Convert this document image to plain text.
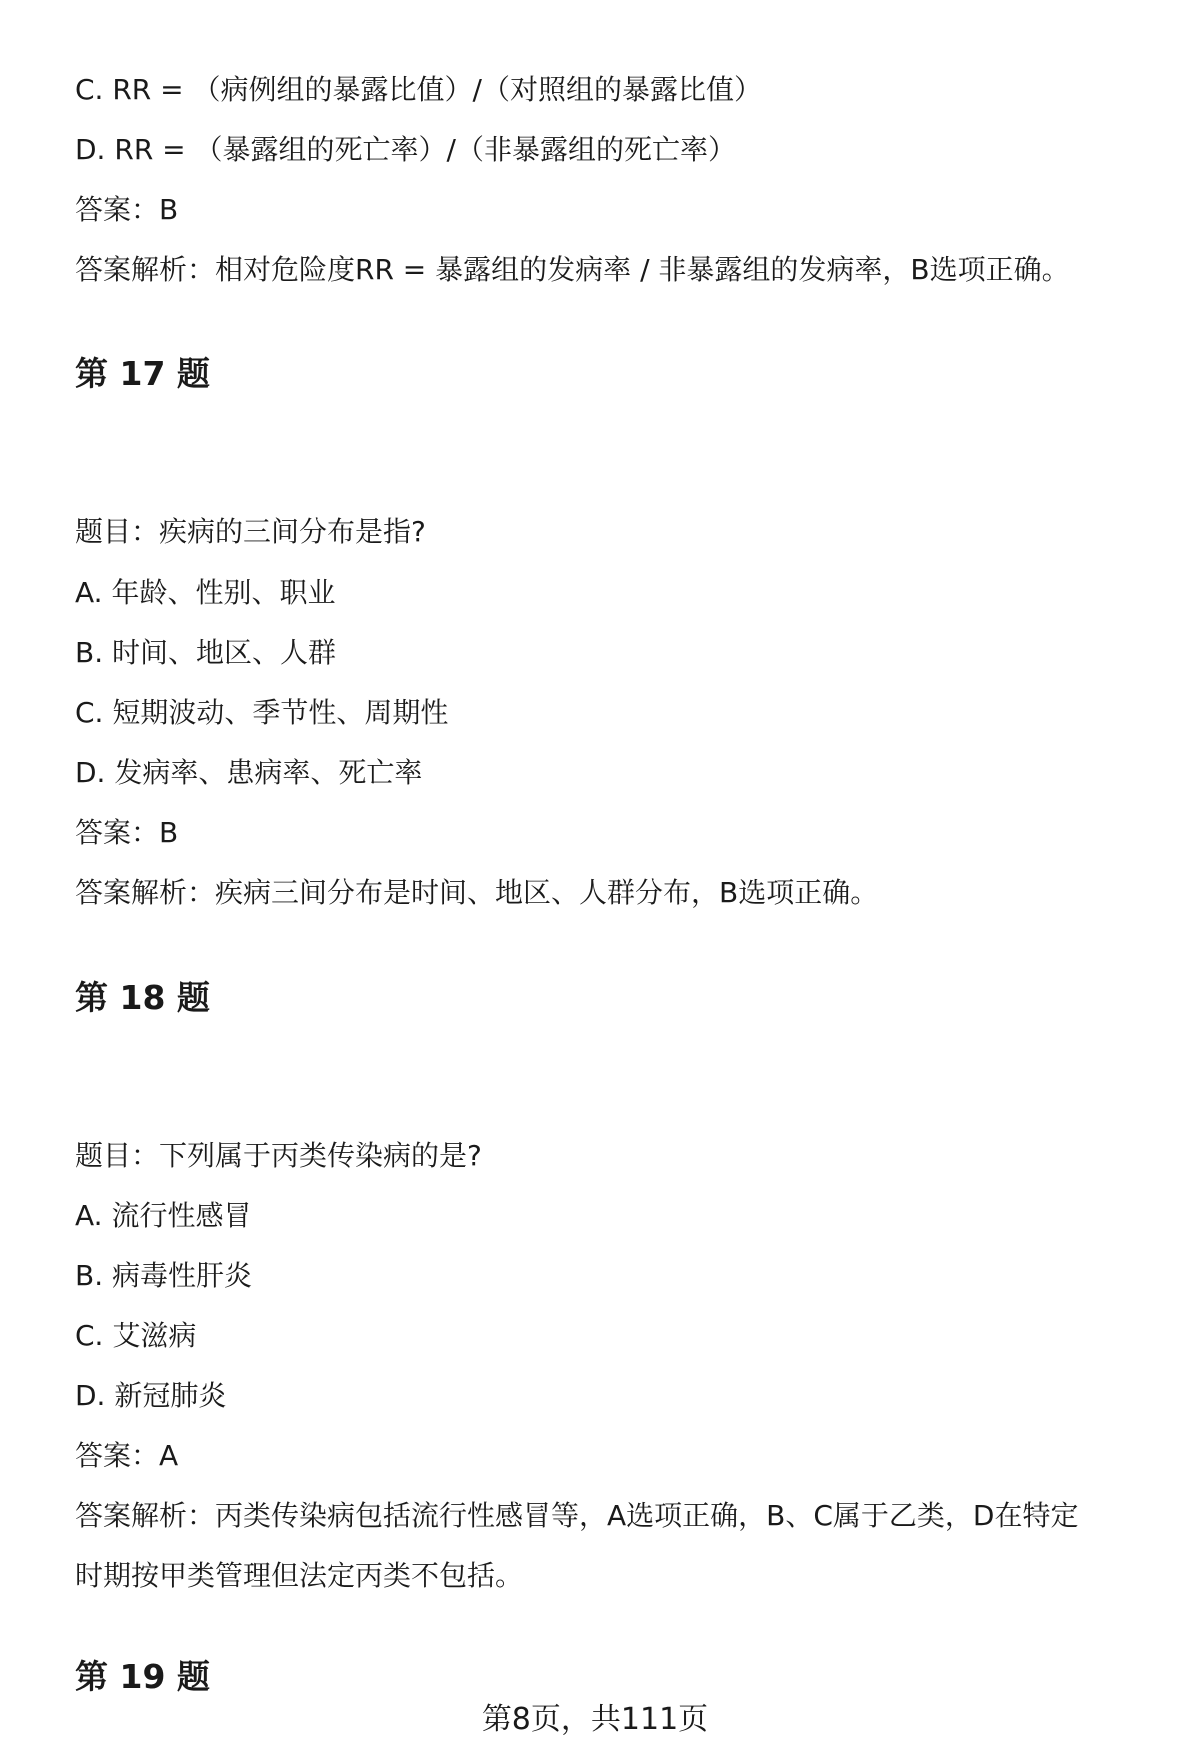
C. RR = （病例组的暴露比值）/（对照组的暴露比值）
D. RR = （暴露组的死亡率）/（非暴露组的死亡率）
答案：B
答案解析：相对危险度RR = 暴露组的发病率 / 非暴露组的发病率，B选项正确。
第 17 题
题目：疾病的三间分布是指?
A. 年龄、性别、职业
B. 时间、地区、人群
C. 短期波动、季节性、周期性
D. 发病率、患病率、死亡率
答案：B
答案解析：疾病三间分布是时间、地区、人群分布，B选项正确。
第 18 题
题目：下列属于丙类传染病的是?
A. 流行性感冒
B. 病毒性肝炎
C. 艾滋病
D. 新冠肺炎
答案：A
答案解析：丙类传染病包括流行性感冒等，A选项正确，B、C属于乙类，D在特定
时期按甲类管理但法定丙类不包括。
第 19 题
第8页，共111页
